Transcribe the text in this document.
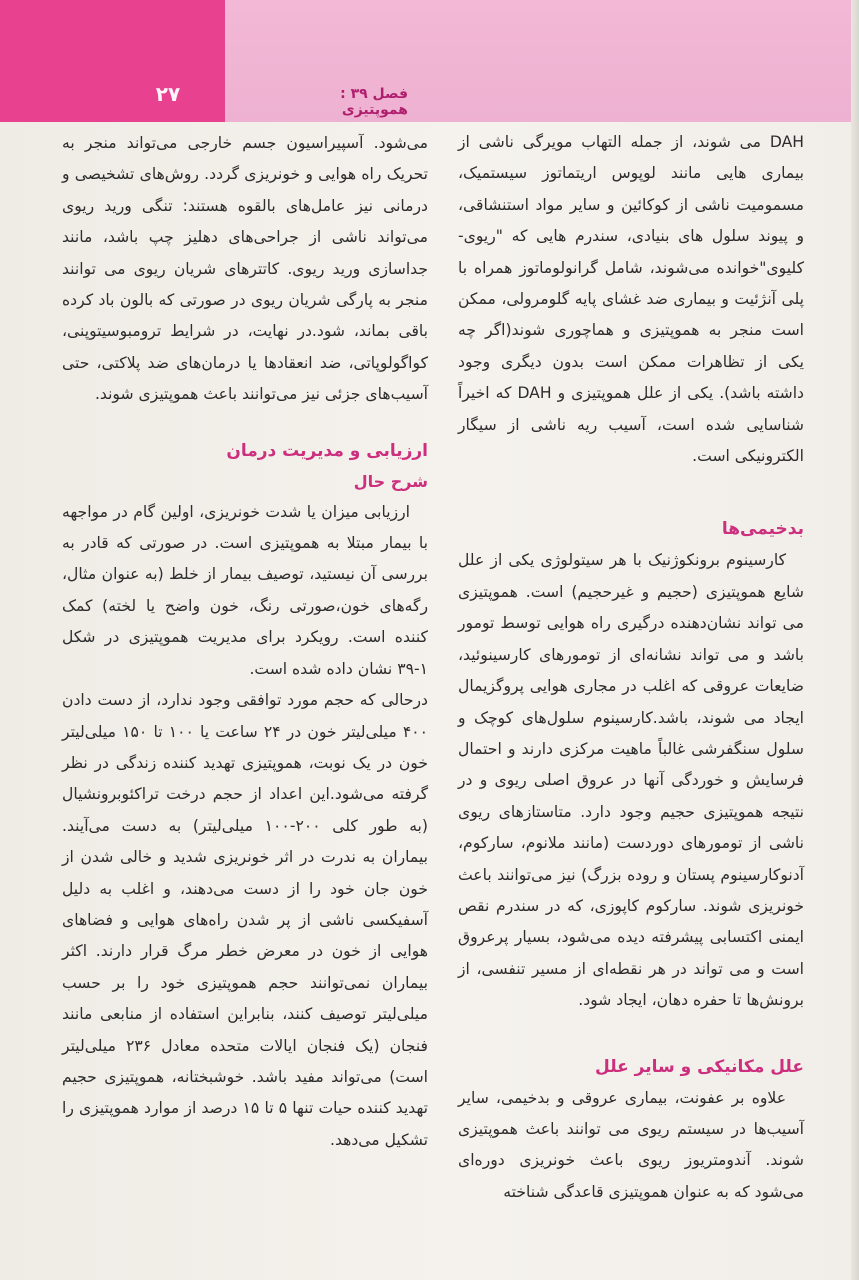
۲۷	فصل ۳۹ : هموپتیزی

DAH می شوند، از جمله التهاب مویرگی ناشی از بیماری هایی مانند لوپوس اریتماتوز سیستمیک، مسمومیت ناشی از کوکائین و سایر مواد استنشاقی، و پیوند سلول های بنیادی، سندرم هایی که "ریوی-کلیوی"خوانده می‌شوند، شامل گرانولوماتوز همراه با پلی آنژئیت و بیماری ضد غشای پایه گلومرولی، ممکن است منجر به هموپتیزی و هماچوری شوند(اگر چه یکی از تظاهرات ممکن است بدون دیگری وجود داشته باشد). یکی از علل هموپتیزی و DAH که اخیراً شناسایی شده است، آسیب ریه ناشی از سیگار الکترونیکی است.

بدخیمی‌ها

کارسینوم برونکوژنیک با هر سیتولوژی یکی از علل شایع هموپتیزی (حجیم و غیرحجیم) است. هموپتیزی می تواند نشان‌دهنده درگیری راه هوایی توسط تومور باشد و می تواند نشانه‌ای از تومورهای کارسینوئید، ضایعات عروقی که اغلب در مجاری هوایی پروگزیمال ایجاد می شوند، باشد.کارسینوم سلول‌های کوچک و سلول سنگفرشی غالباً ماهیت مرکزی دارند و احتمال فرسایش و خوردگی آنها در عروق اصلی ریوی و در نتیجه هموپتیزی حجیم وجود دارد. متاستازهای ریوی ناشی از تومورهای دوردست (مانند ملانوم، سارکوم، آدنوکارسینوم پستان و روده بزرگ) نیز می‌توانند باعث خونریزی شوند. سارکوم کاپوزی، که در سندرم نقص ایمنی اکتسابی پیشرفته دیده می‌شود، بسیار پرعروق است و می تواند در هر نقطه‌ای از مسیر تنفسی، از برونش‌ها تا حفره دهان، ایجاد شود.

علل مکانیکی و سایر علل

علاوه بر عفونت، بیماری عروقی و بدخیمی، سایر آسیب‌ها در سیستم ریوی می توانند باعث هموپتیزی شوند. آندومتریوز ریوی باعث خونریزی دوره‌ای می‌شود که به عنوان هموپتیزی قاعدگی شناخته

می‌شود. آسپیراسیون جسم خارجی می‌تواند منجر به تحریک راه هوایی و خونریزی گردد. روش‌های تشخیصی و درمانی نیز عامل‌های بالقوه هستند: تنگی ورید ریوی می‌تواند ناشی از جراحی‌های دهلیز چپ باشد، مانند جداسازی ورید ریوی. کاتترهای شریان ریوی می توانند منجر به پارگی شریان ریوی در صورتی که بالون باد کرده باقی بماند، شود.در نهایت، در شرایط ترومبوسیتوپنی، کواگولوپاتی، ضد انعقادها یا درمان‌های ضد پلاکتی، حتی آسیب‌های جزئی نیز می‌توانند باعث هموپتیزی شوند.

ارزیابی و مدیریت درمان
شرح حال

ارزیابی میزان یا شدت خونریزی، اولین گام در مواجهه با بیمار مبتلا به هموپتیزی است. در صورتی که قادر به بررسی آن نیستید، توصیف بیمار از خلط (به عنوان مثال، رگه‌های خون،صورتی رنگ، خون واضح یا لخته) کمک کننده است. رویکرد برای مدیریت هموپتیزی در شکل ۱-۳۹ نشان داده شده است.

درحالی که حجم مورد توافقی وجود ندارد، از دست دادن ۴۰۰ میلی‌لیتر خون در ۲۴ ساعت یا ۱۰۰ تا ۱۵۰ میلی‌لیتر خون در یک نوبت، هموپتیزی تهدید کننده زندگی در نظر گرفته می‌شود.این اعداد از حجم درخت تراکئوبرونشیال (به طور کلی ۲۰۰-۱۰۰ میلی‌لیتر) به دست می‌آیند. بیماران به ندرت در اثر خونریزی شدید و خالی شدن از خون جان خود را از دست می‌دهند، و اغلب به دلیل آسفیکسی ناشی از پر شدن راه‌های هوایی و فضاهای هوایی از خون در معرض خطر مرگ قرار دارند. اکثر بیماران نمی‌توانند حجم هموپتیزی خود را بر حسب میلی‌لیتر توصیف کنند، بنابراین استفاده از منابعی مانند فنجان (یک فنجان ایالات متحده معادل ۲۳۶ میلی‌لیتر است) می‌تواند مفید باشد. خوشبختانه، هموپتیزی حجیم تهدید کننده حیات تنها ۵ تا ۱۵ درصد از موارد هموپتیزی را تشکیل می‌دهد.
